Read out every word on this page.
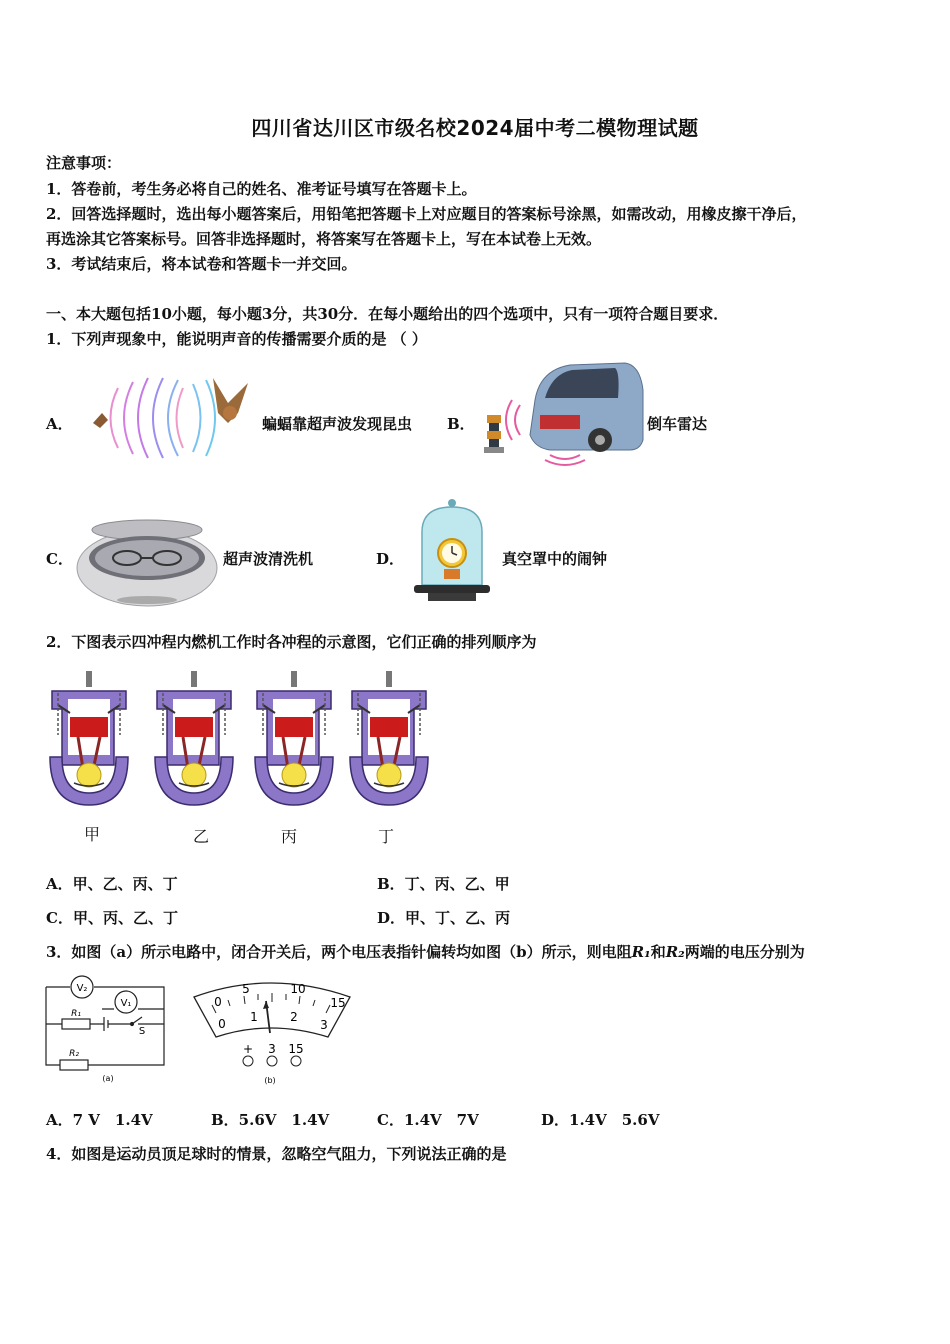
四川省达川区市级名校2024届中考二模物理试题
注意事项：
1．答卷前，考生务必将自己的姓名、准考证号填写在答题卡上。
2．回答选择题时，选出每小题答案后，用铅笔把答题卡上对应题目的答案标号涂黑，如需改动，用橡皮擦干净后，
再选涂其它答案标号。回答非选择题时，将答案写在答题卡上，写在本试卷上无效。
3．考试结束后，将本试卷和答题卡一并交回。
一、本大题包括10小题，每小题3分，共30分．在每小题给出的四个选项中，只有一项符合题目要求．
1．下列声现象中，能说明声音的传播需要介质的是 （ ）
A．	蝙蝠靠超声波发现昆虫 B．	倒车雷达
C．	超声波清洗机	D．	真空罩中的闹钟
2．下图表示四冲程内燃机工作时各冲程的示意图，它们正确的排列顺序为
甲	乙	丙	丁
A．甲、乙、丙、丁	B．丁、丙、乙、甲
C．甲、丙、乙、丁	D．甲、丁、乙、丙
3．如图（a）所示电路中，闭合开关后，两个电压表指针偏转均如图（b）所示，则电阻R₁和R₂两端的电压分别为
V₂
V₁
R₁
S
R₂
(a)
0
5	10
15
0 1	2
3
+ 3 15
(b)
A．7 V　1.4V	B．5.6V　1.4V	C．1.4V　7V	D．1.4V　5.6V
4．如图是运动员顶足球时的情景，忽略空气阻力，下列说法正确的是
